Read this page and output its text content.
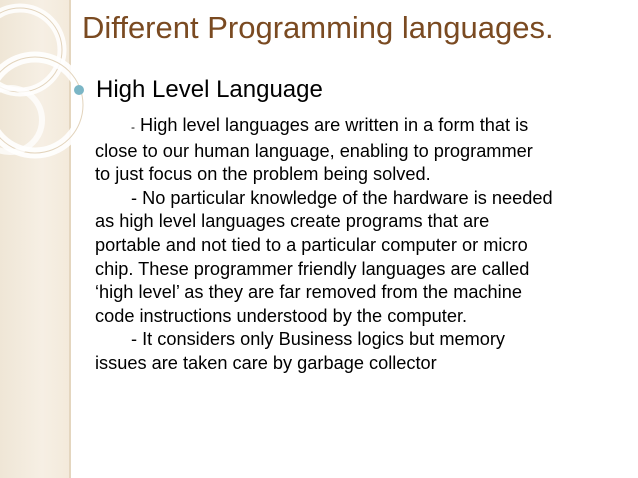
Different Programming languages.
High Level Language

- High level languages are written in a form that is

close to our human language, enabling to programmer

to just focus on the problem being solved.

- No particular knowledge of the hardware is needed

as high level languages create programs that are

portable and not tied to a particular computer or micro

chip. These programmer friendly languages are called

‘high level’ as they are far removed from the machine

code instructions understood by the computer.

- It considers only Business logics but memory

issues are taken care by garbage collector
